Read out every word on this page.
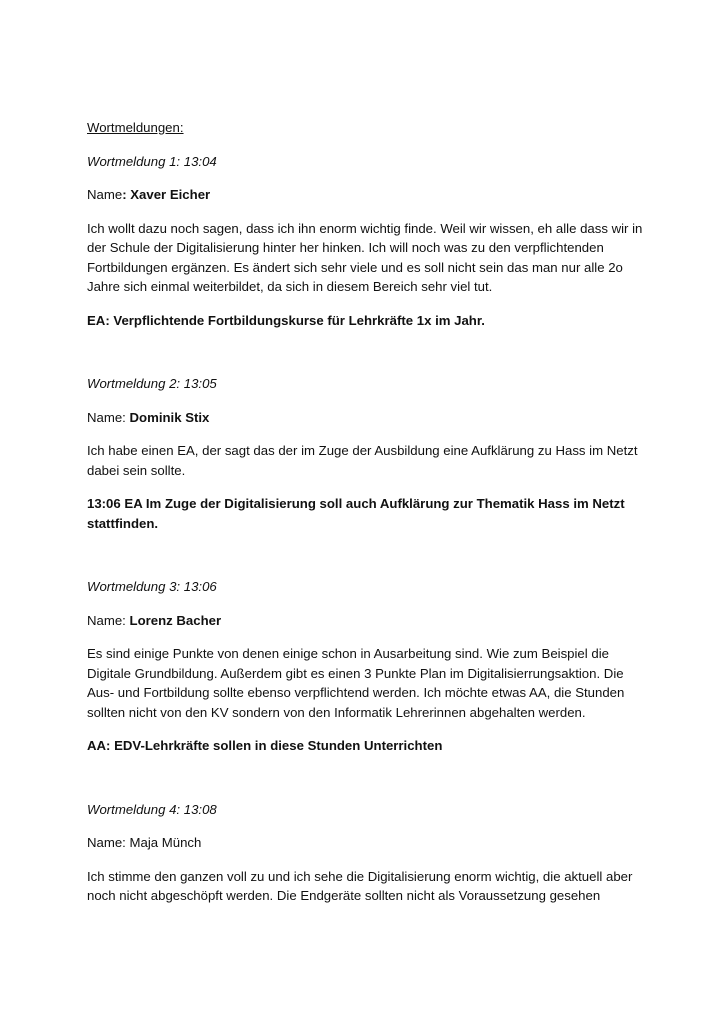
Wortmeldungen:

Wortmeldung 1: 13:04

Name: Xaver Eicher

Ich wollt dazu noch sagen, dass ich ihn enorm wichtig finde. Weil wir wissen, eh alle dass wir in der Schule der Digitalisierung hinter her hinken. Ich will noch was zu den verpflichtenden Fortbildungen ergänzen. Es ändert sich sehr viele und es soll nicht sein das man nur alle 2o Jahre sich einmal weiterbildet, da sich in diesem Bereich sehr viel tut.

EA: Verpflichtende Fortbildungskurse für Lehrkräfte 1x im Jahr.

Wortmeldung 2: 13:05

Name: Dominik Stix

Ich habe einen EA, der sagt das der im Zuge der Ausbildung eine Aufklärung zu Hass im Netzt dabei sein sollte.

13:06 EA Im Zuge der Digitalisierung soll auch Aufklärung zur Thematik Hass im Netzt stattfinden.

Wortmeldung 3: 13:06

Name: Lorenz Bacher

Es sind einige Punkte von denen einige schon in Ausarbeitung sind. Wie zum Beispiel die Digitale Grundbildung. Außerdem gibt es einen 3 Punkte Plan im Digitalisierrungsaktion. Die Aus- und Fortbildung sollte ebenso verpflichtend werden. Ich möchte etwas AA, die Stunden sollten nicht von den KV sondern von den Informatik Lehrerinnen abgehalten werden.

AA: EDV-Lehrkräfte sollen in diese Stunden Unterrichten

Wortmeldung 4: 13:08

Name: Maja Münch

Ich stimme den ganzen voll zu und ich sehe die Digitalisierung enorm wichtig, die aktuell aber noch nicht abgeschöpft werden. Die Endgeräte sollten nicht als Voraussetzung gesehen
